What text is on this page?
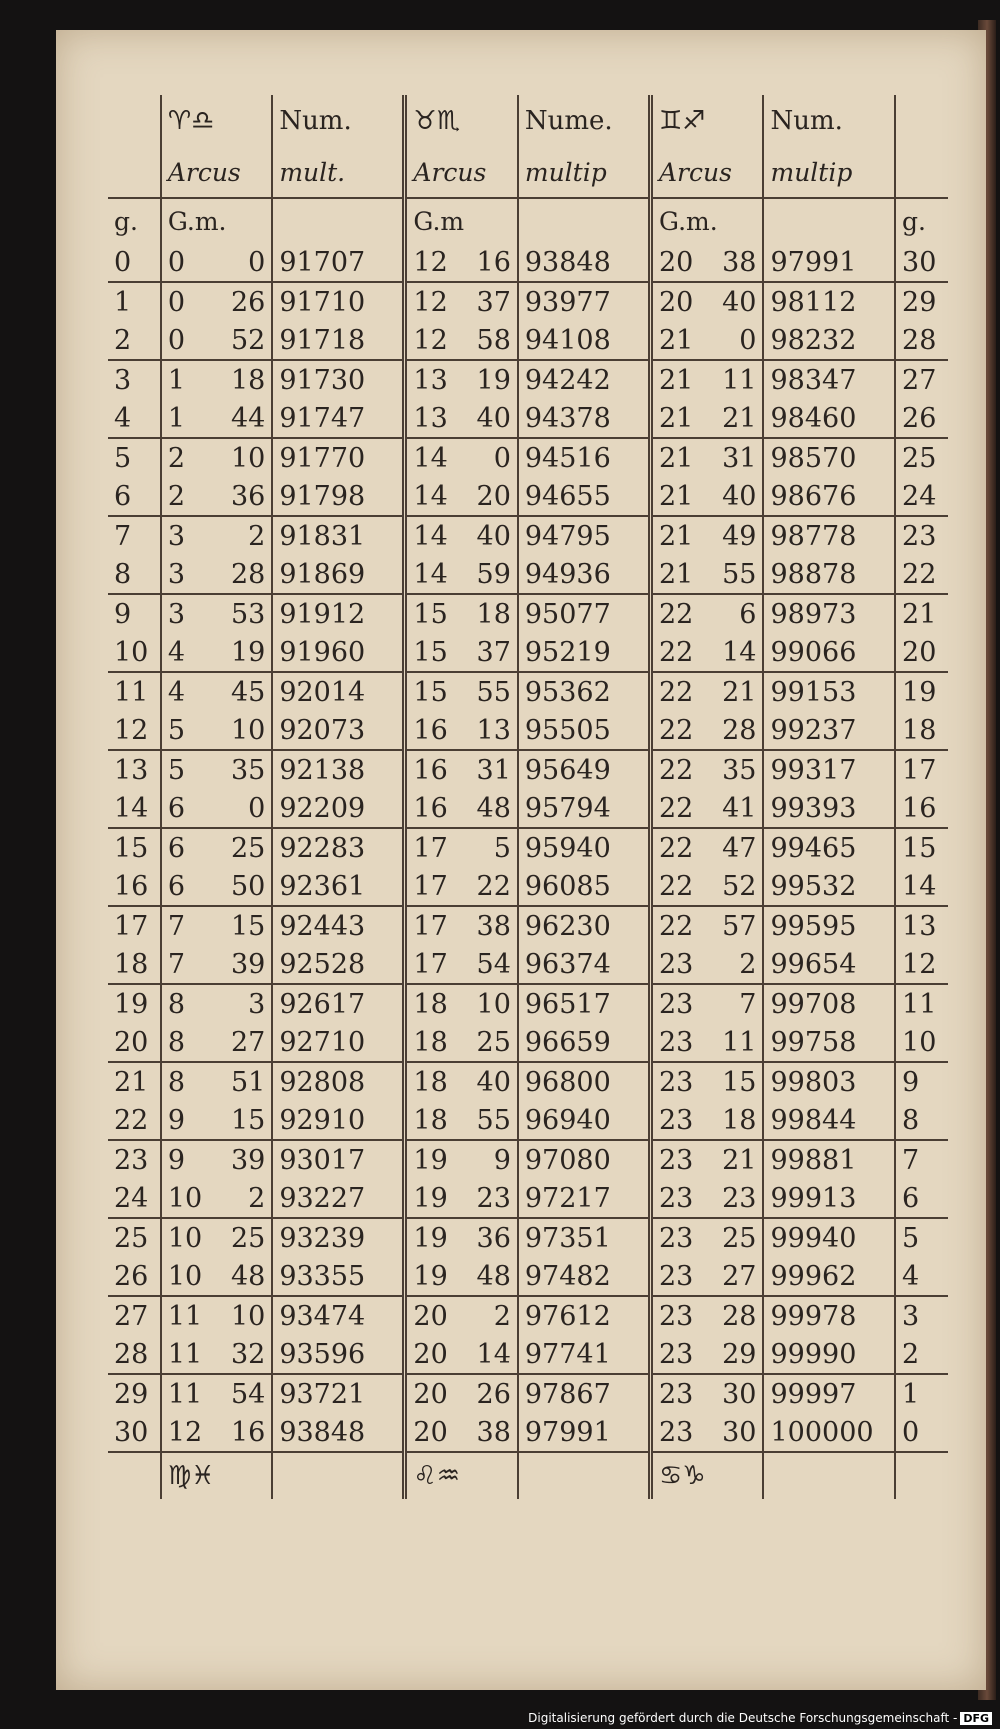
	♈♎		Num.	♉♏		Nume.	♊♐		Num.	
	Arcus		mult.	Arcus		multip	Arcus		multip	
g.	G.m.			G.m			G.m.			g.
0	0	0	91707	12	16	93848	20	38	97991	30
1	0	26	91710	12	37	93977	20	40	98112	29
2	0	52	91718	12	58	94108	21	0	98232	28
3	1	18	91730	13	19	94242	21	11	98347	27
4	1	44	91747	13	40	94378	21	21	98460	26
5	2	10	91770	14	0	94516	21	31	98570	25
6	2	36	91798	14	20	94655	21	40	98676	24
7	3	2	91831	14	40	94795	21	49	98778	23
8	3	28	91869	14	59	94936	21	55	98878	22
9	3	53	91912	15	18	95077	22	6	98973	21
10	4	19	91960	15	37	95219	22	14	99066	20
11	4	45	92014	15	55	95362	22	21	99153	19
12	5	10	92073	16	13	95505	22	28	99237	18
13	5	35	92138	16	31	95649	22	35	99317	17
14	6	0	92209	16	48	95794	22	41	99393	16
15	6	25	92283	17	5	95940	22	47	99465	15
16	6	50	92361	17	22	96085	22	52	99532	14
17	7	15	92443	17	38	96230	22	57	99595	13
18	7	39	92528	17	54	96374	23	2	99654	12
19	8	3	92617	18	10	96517	23	7	99708	11
20	8	27	92710	18	25	96659	23	11	99758	10
21	8	51	92808	18	40	96800	23	15	99803	9
22	9	15	92910	18	55	96940	23	18	99844	8
23	9	39	93017	19	9	97080	23	21	99881	7
24	10	2	93227	19	23	97217	23	23	99913	6
25	10	25	93239	19	36	97351	23	25	99940	5
26	10	48	93355	19	48	97482	23	27	99962	4
27	11	10	93474	20	2	97612	23	28	99978	3
28	11	32	93596	20	14	97741	23	29	99990	2
29	11	54	93721	20	26	97867	23	30	99997	1
30	12	16	93848	20	38	97991	23	30	100000	0
	♍♓			♌♒			♋♑			
Digitalisierung gefördert durch die Deutsche Forschungsgemeinschaft - DFG
